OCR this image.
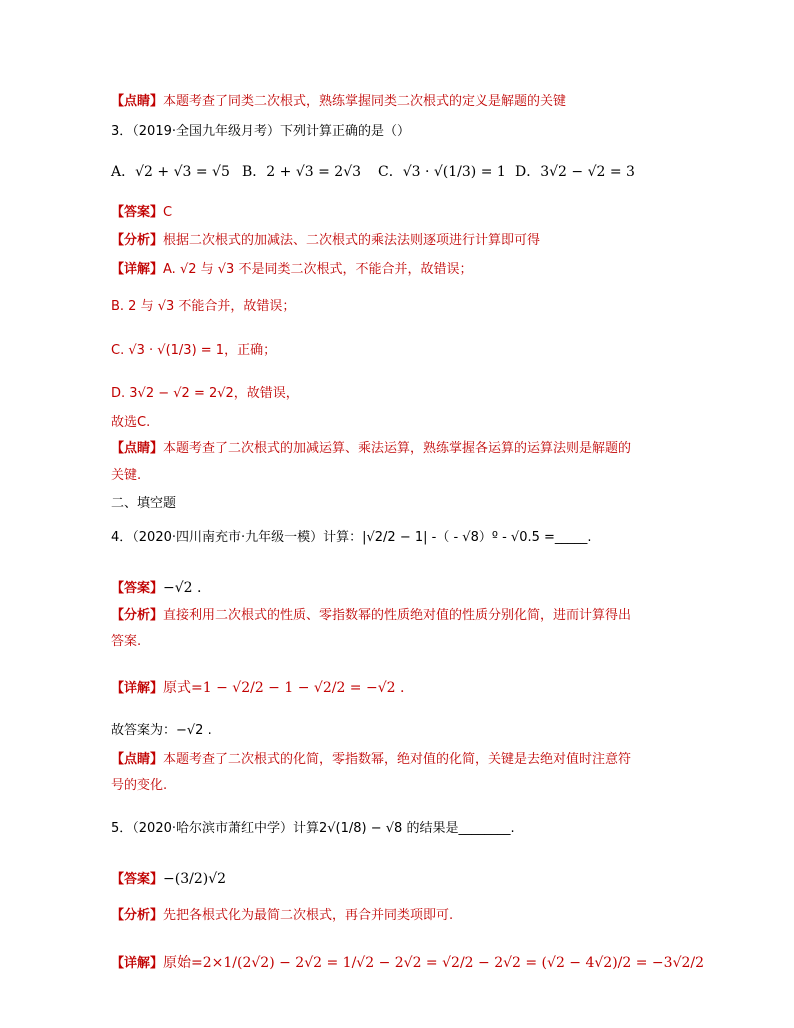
【点睛】本题考查了同类二次根式，熟练掌握同类二次根式的定义是解题的关键
3．（2019·全国九年级月考）下列计算正确的是（）
A．√2 + √3 = √5 B．2 + √3 = 2√3 C．√3 · √(1/3) = 1 D．3√2 − √2 = 3
【答案】C
【分析】根据二次根式的加减法、二次根式的乘法法则逐项进行计算即可得
【详解】A. √2 与 √3 不是同类二次根式，不能合并，故错误；
B. 2 与 √3 不能合并，故错误；
C. √3 · √(1/3) = 1，正确；
D. 3√2 − √2 = 2√2，故错误，
故选C.
【点睛】本题考查了二次根式的加减运算、乘法运算，熟练掌握各运算的运算法则是解题的
关键.
二、填空题
4．（2020·四川南充市·九年级一模）计算：|√2/2 − 1| -（ - √8）º - √0.5 =_____.
【答案】−√2 .
【分析】直接利用二次根式的性质、零指数幂的性质绝对值的性质分别化简，进而计算得出
答案.
【详解】原式=1 − √2/2 − 1 − √2/2 = −√2 .
故答案为：−√2 .
【点睛】本题考查了二次根式的化简，零指数幂，绝对值的化简，关键是去绝对值时注意符
号的变化.
5．（2020·哈尔滨市萧红中学）计算2√(1/8) − √8 的结果是________.
【答案】−(3/2)√2
【分析】先把各根式化为最简二次根式，再合并同类项即可.
【详解】原始=2×1/(2√2) − 2√2 = 1/√2 − 2√2 = √2/2 − 2√2 = (√2 − 4√2)/2 = −3√2/2
